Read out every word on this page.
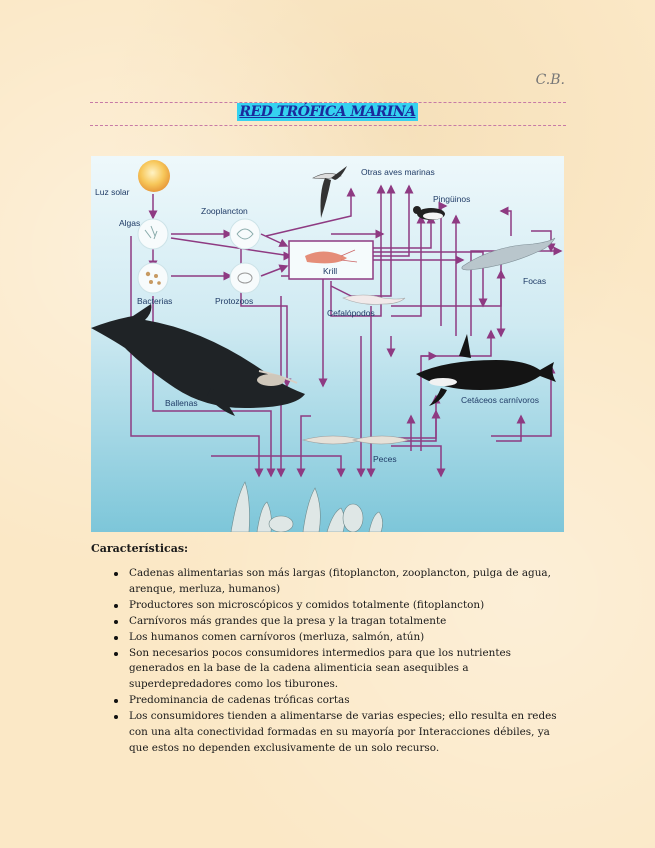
C.B.
RED TRÓFICA MARINA
Luz solar
Algas
Zooplancton
Bacterias	Protozoos
Krill
Otras aves marinas
Pingüinos
Focas
Cefalópodos
Ballenas	Cetáceos carnívoros
Peces
Características:
Cadenas alimentarias son más largas (fitoplancton, zooplancton, pulga de agua, arenque, merluza, humanos)
Productores son microscópicos y comidos totalmente (fitoplancton)
Carnívoros más grandes que la presa y la tragan totalmente
Los humanos comen carnívoros (merluza, salmón, atún)
Son necesarios pocos consumidores intermedios para que los nutrientes generados en la base de la cadena alimenticia sean asequibles a superdepredadores como los tiburones.
Predominancia de cadenas tróficas cortas
Los consumidores tienden a alimentarse de varias especies; ello resulta en redes con una alta conectividad formadas en su mayoría por Interacciones débiles, ya que estos no dependen exclusivamente de un solo recurso.
